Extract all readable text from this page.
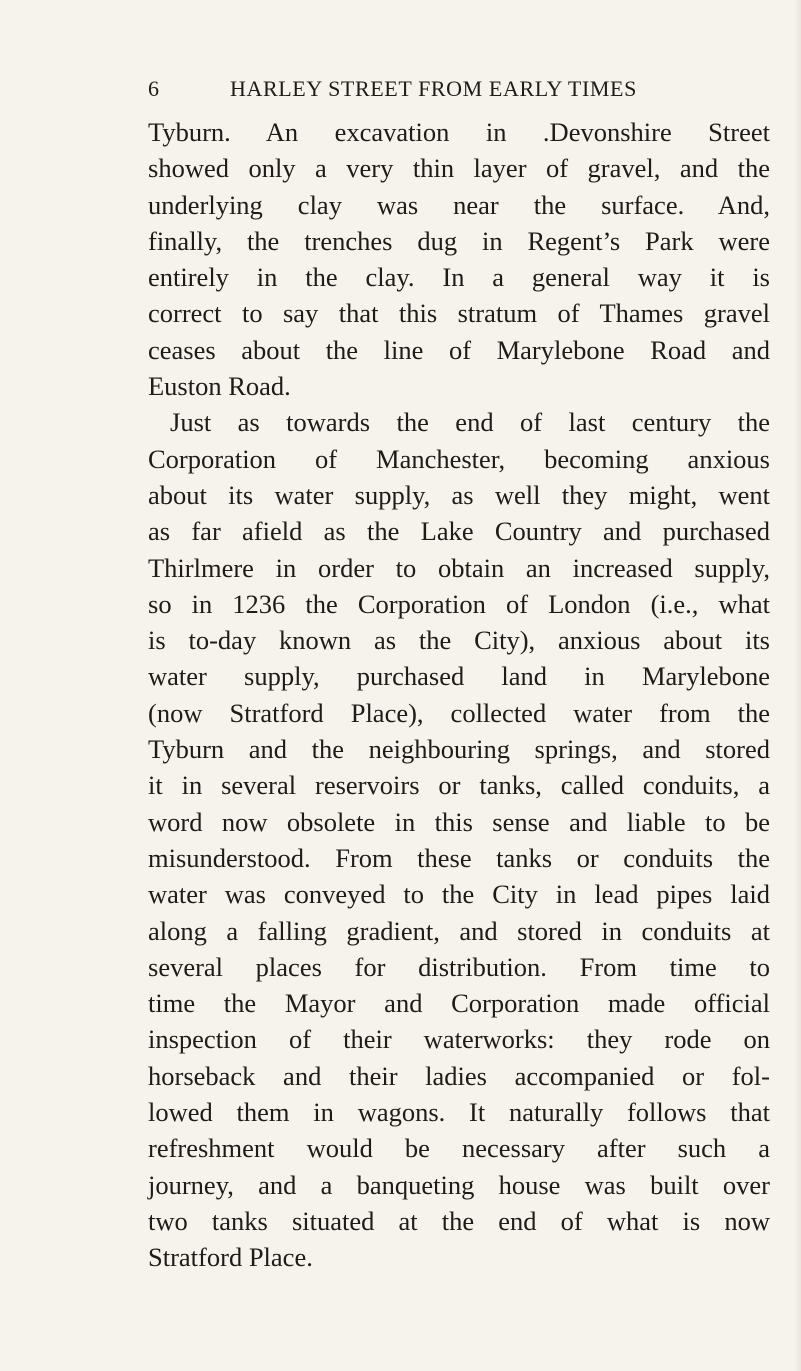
6	HARLEY STREET FROM EARLY TIMES
Tyburn. An excavation in .Devonshire Street
showed only a very thin layer of gravel, and the
underlying clay was near the surface. And,
finally, the trenches dug in Regent’s Park were
entirely in the clay. In a general way it is
correct to say that this stratum of Thames gravel
ceases about the line of Marylebone Road and
Euston Road.
Just as towards the end of last century the
Corporation of Manchester, becoming anxious
about its water supply, as well they might, went
as far afield as the Lake Country and purchased
Thirlmere in order to obtain an increased supply,
so in 1236 the Corporation of London (i.e., what
is to-day known as the City), anxious about its
water supply, purchased land in Marylebone
(now Stratford Place), collected water from the
Tyburn and the neighbouring springs, and stored
it in several reservoirs or tanks, called conduits, a
word now obsolete in this sense and liable to be
misunderstood. From these tanks or conduits the
water was conveyed to the City in lead pipes laid
along a falling gradient, and stored in conduits at
several places for distribution. From time to
time the Mayor and Corporation made official
inspection of their waterworks: they rode on
horseback and their ladies accompanied or fol-
lowed them in wagons. It naturally follows that
refreshment would be necessary after such a
journey, and a banqueting house was built over
two tanks situated at the end of what is now
Stratford Place.
